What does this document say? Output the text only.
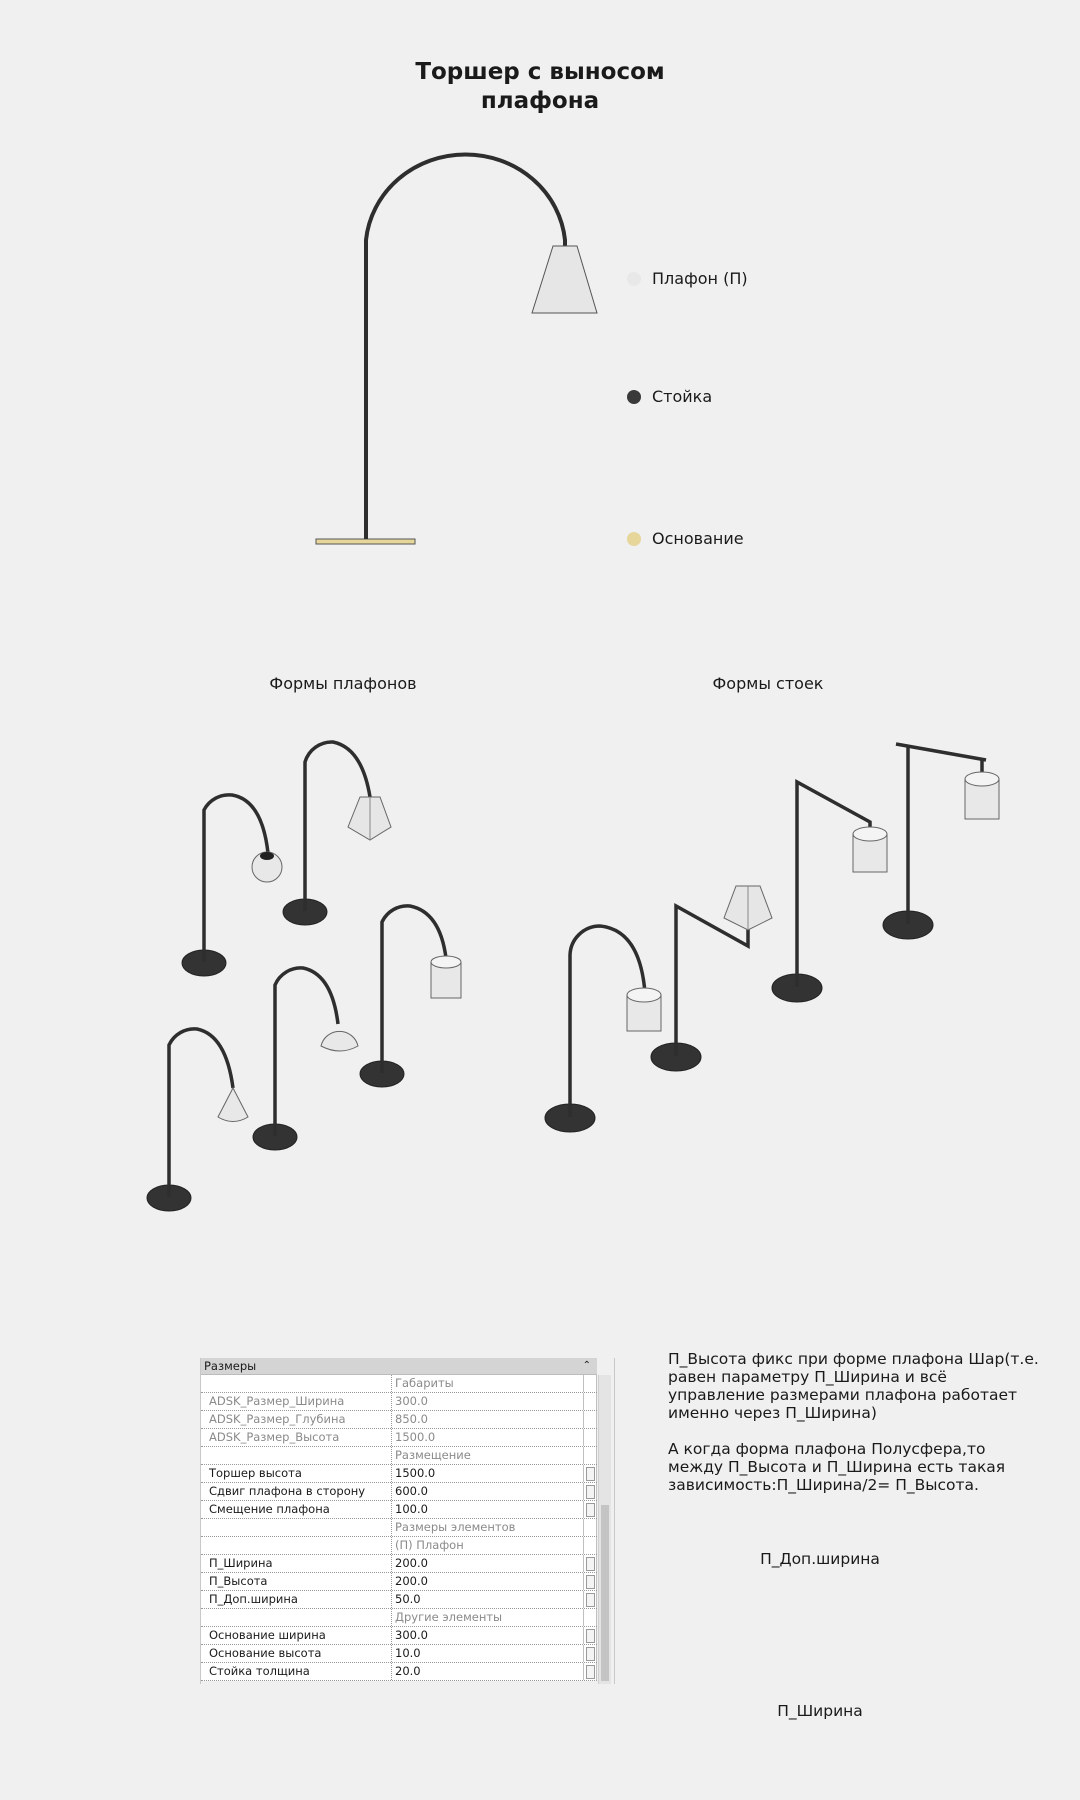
Торшер с выносом
плафона
Плафон (П)
Стойка
Основание
Формы плафонов	Формы стоек
Размеры	⌃
Габариты
ADSK_Размер_Ширина	300.0
ADSK_Размер_Глубина	850.0
ADSK_Размер_Высота	1500.0
Размещение
Торшер высота	1500.0
Сдвиг плафона в сторону	600.0
Смещение плафона	100.0
Размеры элементов
(П) Плафон
П_Ширина	200.0
П_Высота	200.0
П_Доп.ширина	50.0
Другие элементы
Основание ширина	300.0
Основание высота	10.0
Стойка толщина	20.0

П_Высота фикс при форме плафона Шар(т.е. равен параметру П_Ширина и всё управление размерами плафона работает именно через П_Ширина)

А когда форма плафона Полусфера,то между П_Высота и П_Ширина есть такая зависимость:П_Ширина/2= П_Высота.

П_Доп.ширина
П_Ширина
